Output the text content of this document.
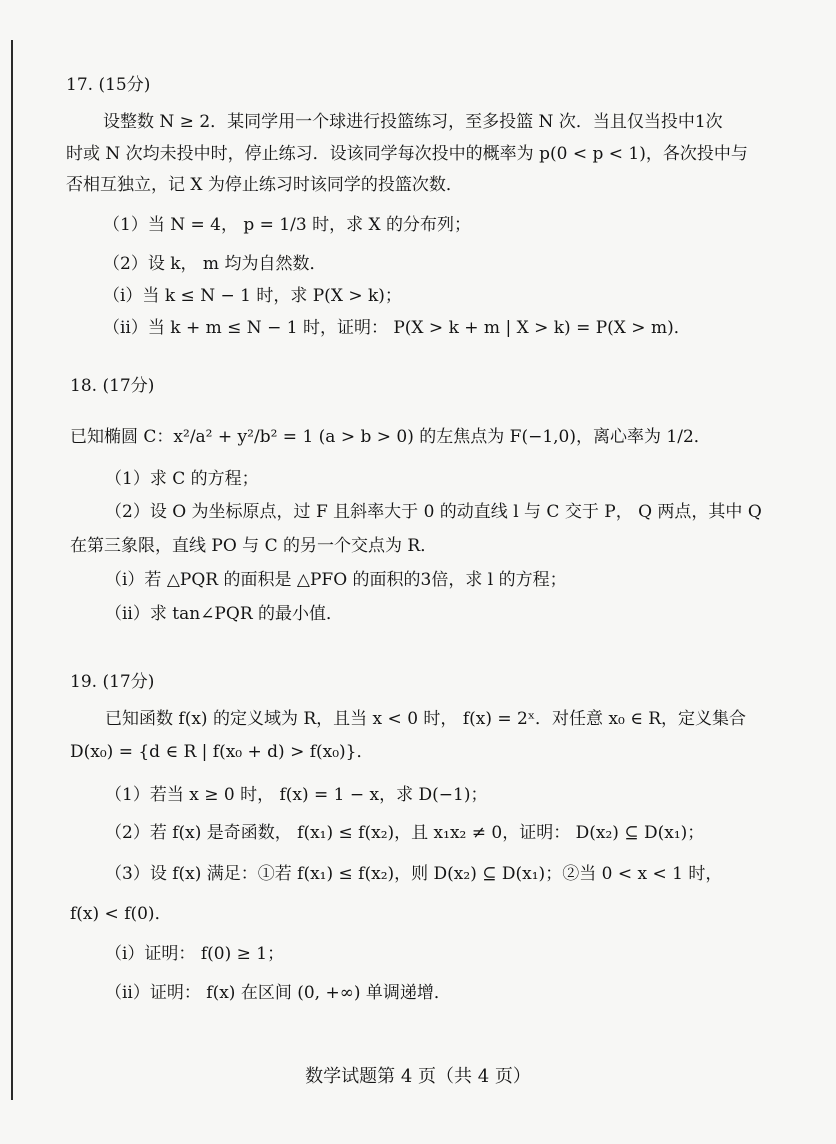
17. (15分)
设整数 N ≥ 2．某同学用一个球进行投篮练习，至多投篮 N 次．当且仅当投中1次
时或 N 次均未投中时，停止练习．设该同学每次投中的概率为 p(0 < p < 1)，各次投中与
否相互独立，记 X 为停止练习时该同学的投篮次数．
（1）当 N = 4， p = 1/3 时，求 X 的分布列；
（2）设 k， m 均为自然数．
（i）当 k ≤ N − 1 时，求 P(X > k)；
（ii）当 k + m ≤ N − 1 时，证明： P(X > k + m | X > k) = P(X > m)．
18. (17分)
已知椭圆 C：x²/a² + y²/b² = 1 (a > b > 0) 的左焦点为 F(−1,0)，离心率为 1/2．
（1）求 C 的方程；
（2）设 O 为坐标原点，过 F 且斜率大于 0 的动直线 l 与 C 交于 P， Q 两点，其中 Q
在第三象限，直线 PO 与 C 的另一个交点为 R．
（i）若 △PQR 的面积是 △PFO 的面积的3倍，求 l 的方程；
（ii）求 tan∠PQR 的最小值．
19. (17分)
已知函数 f(x) 的定义域为 R，且当 x < 0 时， f(x) = 2ˣ．对任意 x₀ ∈ R，定义集合
D(x₀) = {d ∈ R | f(x₀ + d) > f(x₀)}．
（1）若当 x ≥ 0 时， f(x) = 1 − x，求 D(−1)；
（2）若 f(x) 是奇函数， f(x₁) ≤ f(x₂)，且 x₁x₂ ≠ 0，证明： D(x₂) ⊆ D(x₁)；
（3）设 f(x) 满足：①若 f(x₁) ≤ f(x₂)，则 D(x₂) ⊆ D(x₁)；②当 0 < x < 1 时，
f(x) < f(0)．
（i）证明： f(0) ≥ 1；
（ii）证明： f(x) 在区间 (0, +∞) 单调递增．
数学试题第 4 页（共 4 页）
